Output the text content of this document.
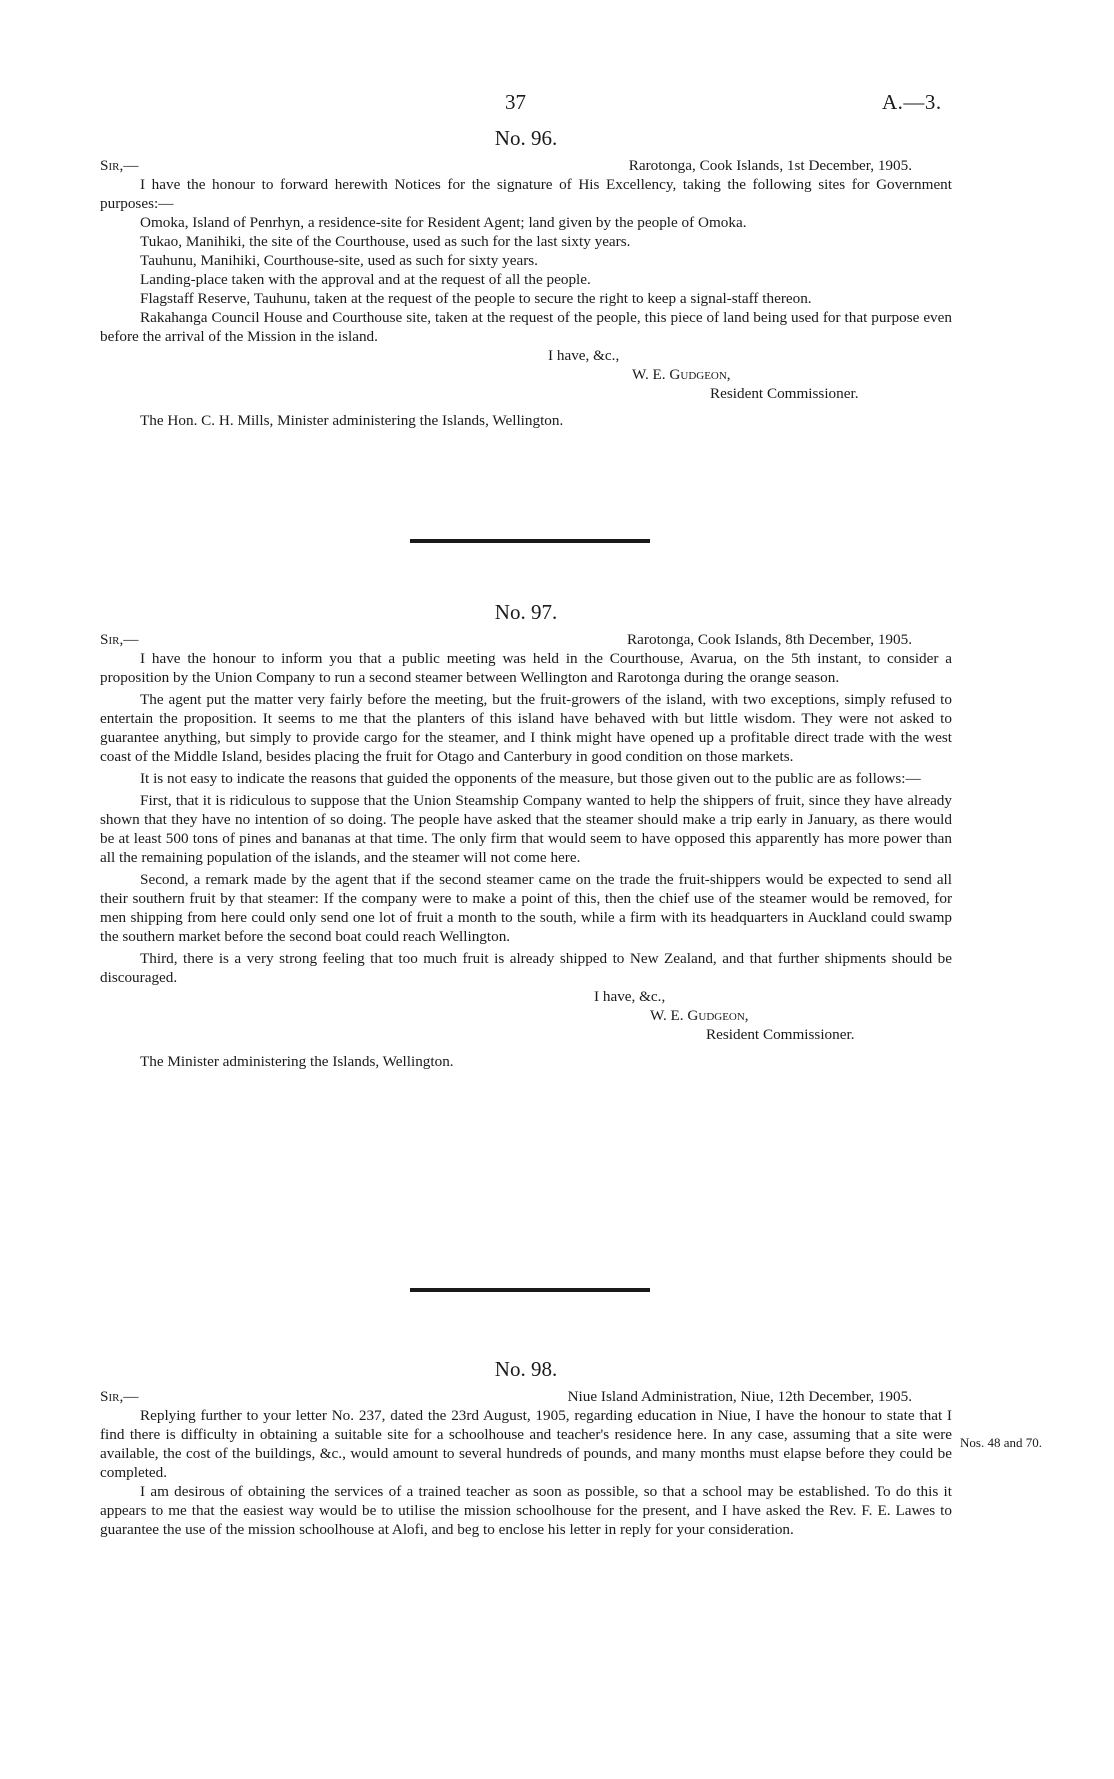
37	A.—3.
No. 96.
Sir,—	Rarotonga, Cook Islands, 1st December, 1905.

I have the honour to forward herewith Notices for the signature of His Excellency, taking the following sites for Government purposes:—

Omoka, Island of Penrhyn, a residence-site for Resident Agent; land given by the people of Omoka.

Tukao, Manihiki, the site of the Courthouse, used as such for the last sixty years.

Tauhunu, Manihiki, Courthouse-site, used as such for sixty years.

Landing-place taken with the approval and at the request of all the people.

Flagstaff Reserve, Tauhunu, taken at the request of the people to secure the right to keep a signal-staff thereon.

Rakahanga Council House and Courthouse site, taken at the request of the people, this piece of land being used for that purpose even before the arrival of the Mission in the island.

I have, &c.,
W. E. Gudgeon,
Resident Commissioner.
The Hon. C. H. Mills, Minister administering the Islands, Wellington.
No. 97.
Sir,—	Rarotonga, Cook Islands, 8th December, 1905.

I have the honour to inform you that a public meeting was held in the Courthouse, Avarua, on the 5th instant, to consider a proposition by the Union Company to run a second steamer between Wellington and Rarotonga during the orange season.

The agent put the matter very fairly before the meeting, but the fruit-growers of the island, with two exceptions, simply refused to entertain the proposition. It seems to me that the planters of this island have behaved with but little wisdom. They were not asked to guarantee anything, but simply to provide cargo for the steamer, and I think might have opened up a profitable direct trade with the west coast of the Middle Island, besides placing the fruit for Otago and Canterbury in good condition on those markets.

It is not easy to indicate the reasons that guided the opponents of the measure, but those given out to the public are as follows:—

First, that it is ridiculous to suppose that the Union Steamship Company wanted to help the shippers of fruit, since they have already shown that they have no intention of so doing. The people have asked that the steamer should make a trip early in January, as there would be at least 500 tons of pines and bananas at that time. The only firm that would seem to have opposed this apparently has more power than all the remaining population of the islands, and the steamer will not come here.

Second, a remark made by the agent that if the second steamer came on the trade the fruit-shippers would be expected to send all their southern fruit by that steamer: If the company were to make a point of this, then the chief use of the steamer would be removed, for men shipping from here could only send one lot of fruit a month to the south, while a firm with its headquarters in Auckland could swamp the southern market before the second boat could reach Wellington.

Third, there is a very strong feeling that too much fruit is already shipped to New Zealand, and that further shipments should be discouraged.

I have, &c.,
W. E. Gudgeon,
Resident Commissioner.
The Minister administering the Islands, Wellington.
No. 98.
Sir,—	Niue Island Administration, Niue, 12th December, 1905.

Replying further to your letter No. 237, dated the 23rd August, 1905, regarding education in Niue, I have the honour to state that I find there is difficulty in obtaining a suitable site for a schoolhouse and teacher's residence here. In any case, assuming that a site were available, the cost of the buildings, &c., would amount to several hundreds of pounds, and many months must elapse before they could be completed.

I am desirous of obtaining the services of a trained teacher as soon as possible, so that a school may be established. To do this it appears to me that the easiest way would be to utilise the mission schoolhouse for the present, and I have asked the Rev. F. E. Lawes to guarantee the use of the mission schoolhouse at Alofi, and beg to enclose his letter in reply for your consideration.

Nos. 48 and 70.
